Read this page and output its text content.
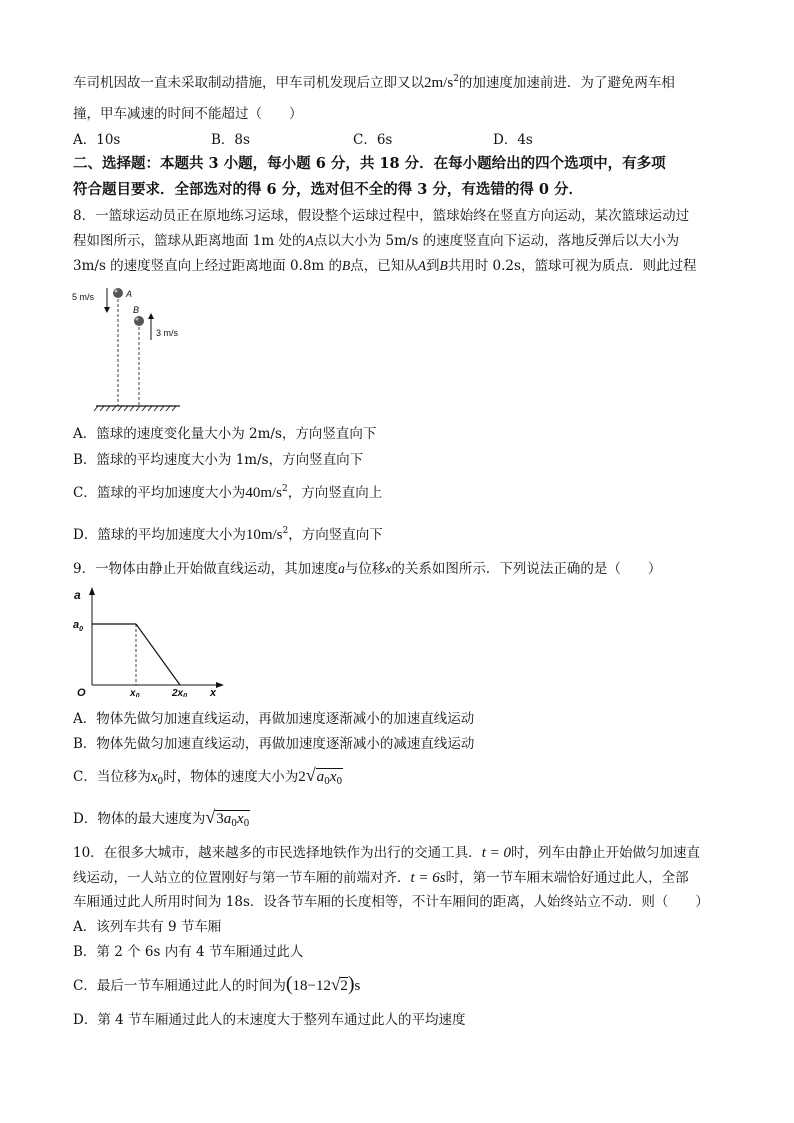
车司机因故一直未采取制动措施，甲车司机发现后立即又以$2m/s^2$的加速度加速前进．为了避免两车相
撞，甲车减速的时间不能超过（　　）
A．10s	B．8s	C．6s	D．4s
二、选择题：本题共 3 小题，每小题 6 分，共 18 分．在每小题给出的四个选项中，有多项
符合题目要求．全部选对的得 6 分，选对但不全的得 3 分，有选错的得 0 分．
8．一篮球运动员正在原地练习运球，假设整个运球过程中，篮球始终在竖直方向运动，某次篮球运动过
程如图所示，篮球从距离地面 1m 处的A点以大小为 5m/s 的速度竖直向下运动，落地反弹后以大小为
3m/s 的速度竖直向上经过距离地面 0.8m 的B点，已知从A到B共用时 0.2s，篮球可视为质点．则此过程
5 m/s	A
B
3 m/s
A．篮球的速度变化量大小为 2m/s，方向竖直向下
B．篮球的平均速度大小为 1m/s，方向竖直向下
C．篮球的平均加速度大小为$40m/s^2$，方向竖直向上
D．篮球的平均加速度大小为$10m/s^2$，方向竖直向下
9．一物体由静止开始做直线运动，其加速度a与位移x的关系如图所示．下列说法正确的是（　　）
a
$a_0$
O	$x_0$	$2x_0$ x
A．物体先做匀加速直线运动，再做加速度逐渐减小的加速直线运动
B．物体先做匀加速直线运动，再做加速度逐渐减小的减速直线运动
C．当位移为$x_0$时，物体的速度大小为$2√a_0x_0$
D．物体的最大速度为$√3a_0x_0$
10．在很多大城市，越来越多的市民选择地铁作为出行的交通工具．t = 0时，列车由静止开始做匀加速直
线运动，一人站立的位置刚好与第一节车厢的前端对齐．t = 6s时，第一节车厢末端恰好通过此人，全部
车厢通过此人所用时间为 18s．设各节车厢的长度相等，不计车厢间的距离，人始终站立不动．则（　　）
A．该列车共有 9 节车厢
B．第 2 个 6s 内有 4 节车厢通过此人
C．最后一节车厢通过此人的时间为(18−12√2)s
D．第 4 节车厢通过此人的末速度大于整列车通过此人的平均速度
